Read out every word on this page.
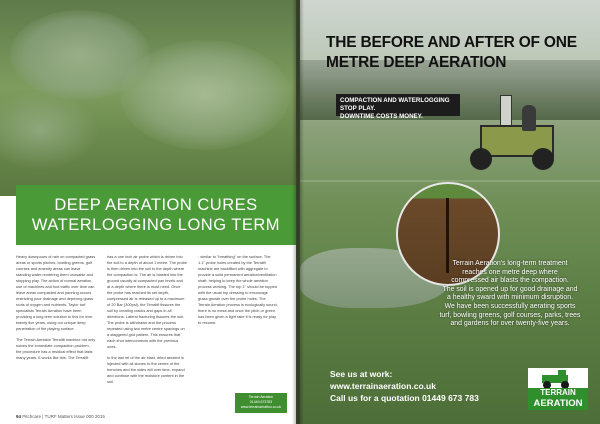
DEEP AERATION CURES
WATERLOGGING LONG TERM

Heavy downpours of rain on compacted grass areas or sports pitches, bowling greens, golf courses and amenity areas can leave standing water rendering them unusable and stopping play. The action of normal aeration, use of machines and foot traffic over time can leave areas compacted and panning occurs restricting poor drainage and depriving grass roots of oxygen and nutrients. Taylor turf specialists Terrain Aeration have been providing a long term solution to this for over twenty five years, using our unique deep penetration of the playing surface.

The Terrain Aeration Terralift machine not only solves the immediate compaction problem, the procedure has a residual effect that lasts many years. It works like this: The Terralift

has a one inch air probe which is driven into the soil to a depth of about 1 metre. The probe is then driven into the soil to the depth where the compaction is. The air is blasted into the ground usually at compacted pan levels and at a depth where there is most need. Once the probe has reached its set depth, compressed air is released up to a maximum of 20 Bar (300psi), the Terralift fissures the soil by creating cracks and gaps in all directions. Lateral fracturing fissures the soil. The probe is withdrawn and the process repeated using two metre centre spacings on a staggered grid pattern. This ensures that each shot interconnects with the previous ones.

In the last rel of the air blast, dried aerated is injected with all stones to the centre of the trenches and the sides will over time, expand and continue with the moisture content in the soil.

- similar to "breathing" on the surface. The 1.1" probe holes created by the Terralift machine are backfilled with aggregate to provide a solid permanent aeration/ventilation shaft, helping to keep the whole aeration process working. The top 1" should be topped with the usual top dressing to encourage grass growth over the probe holes. The Terrain Aeration process is ecologically sound, there is no mess and once the pitch or green has been given a light rake it is ready for play to resume.

Terrain Aeration
01449 673783
www.terrainaeration.co.uk
94 Pitchcare | TURF Matters Issue 000 2015
THE BEFORE AND AFTER OF ONE
METRE DEEP AERATION
COMPACTION AND WATERLOGGING STOP PLAY.
DOWNTIME COSTS MONEY.
Terrain Aeration's long-term treatment
reaches one metre deep where
compressed air blasts the compaction.
The soil is opened up for good drainage and
a healthy sward with minimum disruption.
We have been successfully aerating sports
turf, bowling greens, golf courses, parks, trees
and gardens for over twenty-five years.
See us at work:
www.terrainaeration.co.uk
Call us for a quotation 01449 673 783
TERRAIN
AERATION
